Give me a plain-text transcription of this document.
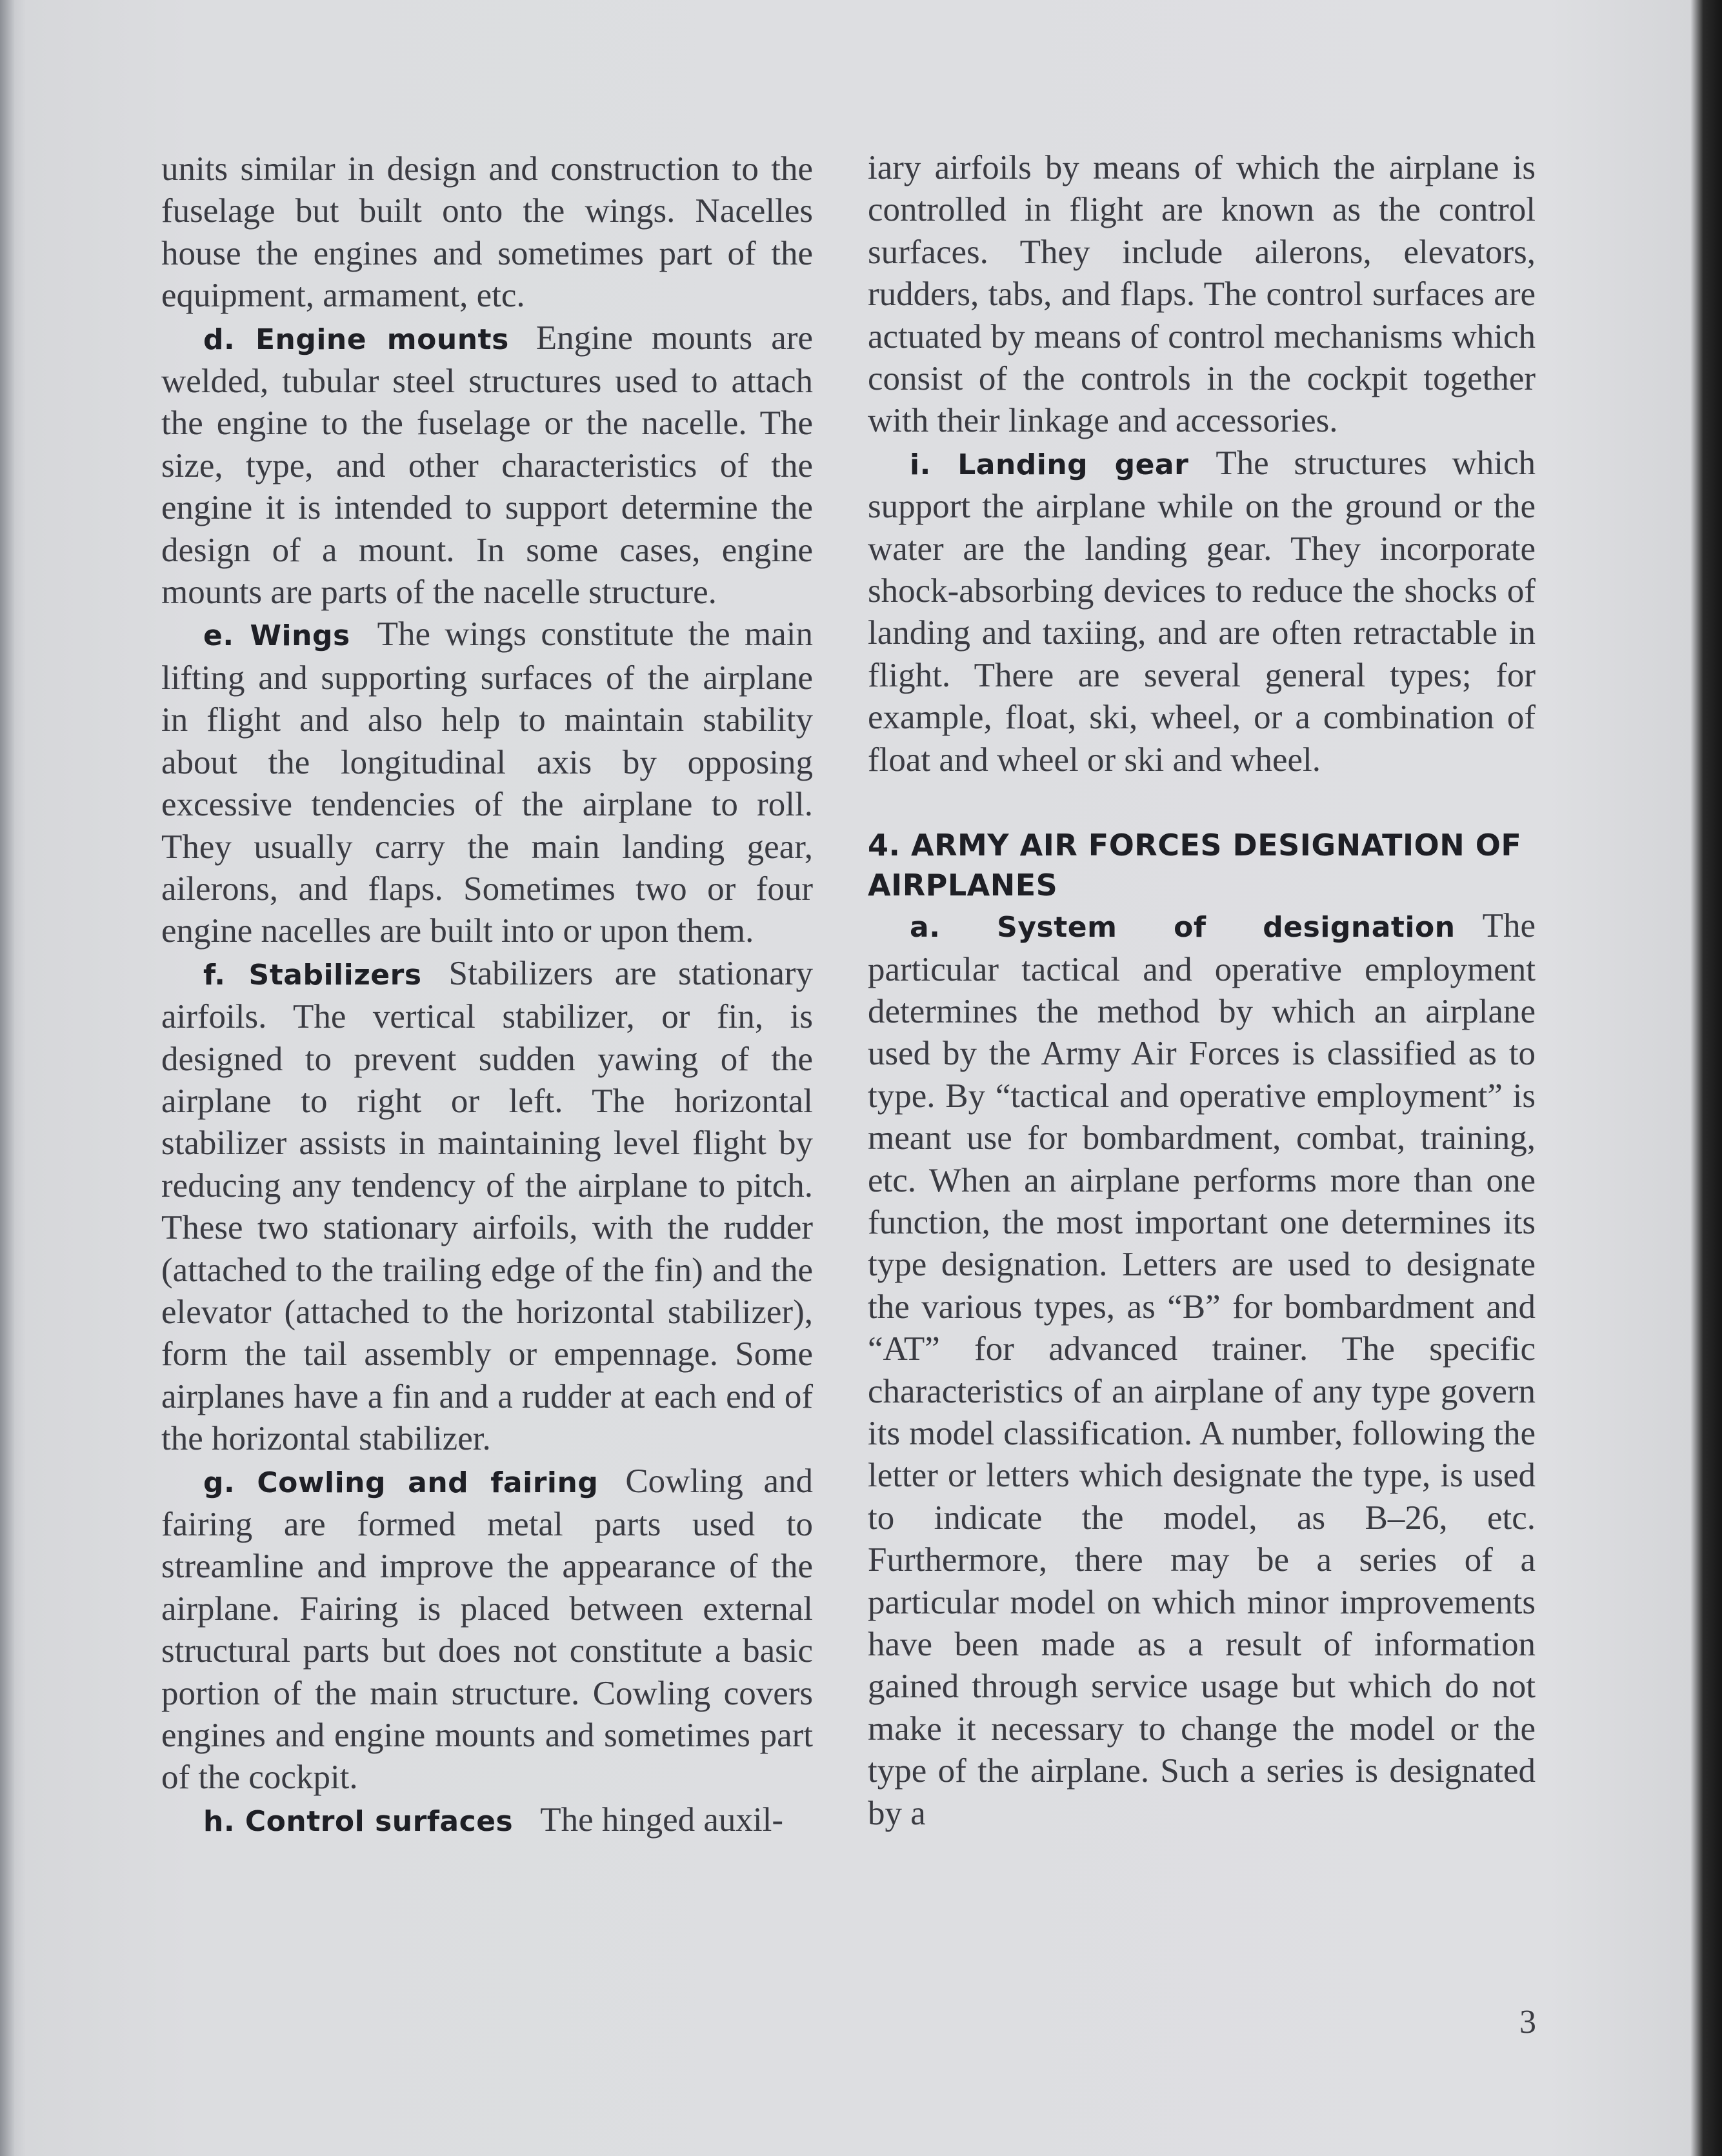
units similar in design and construction to the fuselage but built onto the wings. Nacelles house the engines and sometimes part of the equipment, armament, etc.

d. Engine mounts Engine mounts are welded, tubular steel structures used to attach the engine to the fuselage or the nacelle. The size, type, and other characteristics of the engine it is intended to support determine the design of a mount. In some cases, engine mounts are parts of the nacelle structure.

e. Wings The wings constitute the main lifting and supporting surfaces of the airplane in flight and also help to maintain stability about the longitudinal axis by opposing excessive tendencies of the airplane to roll. They usually carry the main landing gear, ailerons, and flaps. Sometimes two or four engine nacelles are built into or upon them.

f. Stabilizers Stabilizers are stationary airfoils. The vertical stabilizer, or fin, is designed to prevent sudden yawing of the airplane to right or left. The horizontal stabilizer assists in maintaining level flight by reducing any tendency of the airplane to pitch. These two stationary airfoils, with the rudder (attached to the trailing edge of the fin) and the elevator (attached to the horizontal stabilizer), form the tail assembly or empennage. Some airplanes have a fin and a rudder at each end of the horizontal stabilizer.

g. Cowling and fairing Cowling and fairing are formed metal parts used to streamline and improve the appearance of the airplane. Fairing is placed between external structural parts but does not constitute a basic portion of the main structure. Cowling covers engines and engine mounts and sometimes part of the cockpit.

h. Control surfaces The hinged auxil-

iary airfoils by means of which the airplane is controlled in flight are known as the control surfaces. They include ailerons, elevators, rudders, tabs, and flaps. The control surfaces are actuated by means of control mechanisms which consist of the controls in the cockpit together with their linkage and accessories.

i. Landing gear The structures which support the airplane while on the ground or the water are the landing gear. They incorporate shock-absorbing devices to reduce the shocks of landing and taxiing, and are often retractable in flight. There are several general types; for example, float, ski, wheel, or a combination of float and wheel or ski and wheel.

4. ARMY AIR FORCES DESIGNATION OF AIRPLANES

a. System of designation The particular tactical and operative employment determines the method by which an airplane used by the Army Air Forces is classified as to type. By “tactical and operative employment” is meant use for bombardment, combat, training, etc. When an airplane performs more than one function, the most important one determines its type designation. Letters are used to designate the various types, as “B” for bombardment and “AT” for advanced trainer. The specific characteristics of an airplane of any type govern its model classification. A number, following the letter or letters which designate the type, is used to indicate the model, as B–26, etc. Furthermore, there may be a series of a particular model on which minor improvements have been made as a result of information gained through service usage but which do not make it necessary to change the model or the type of the airplane. Such a series is designated by a

3
